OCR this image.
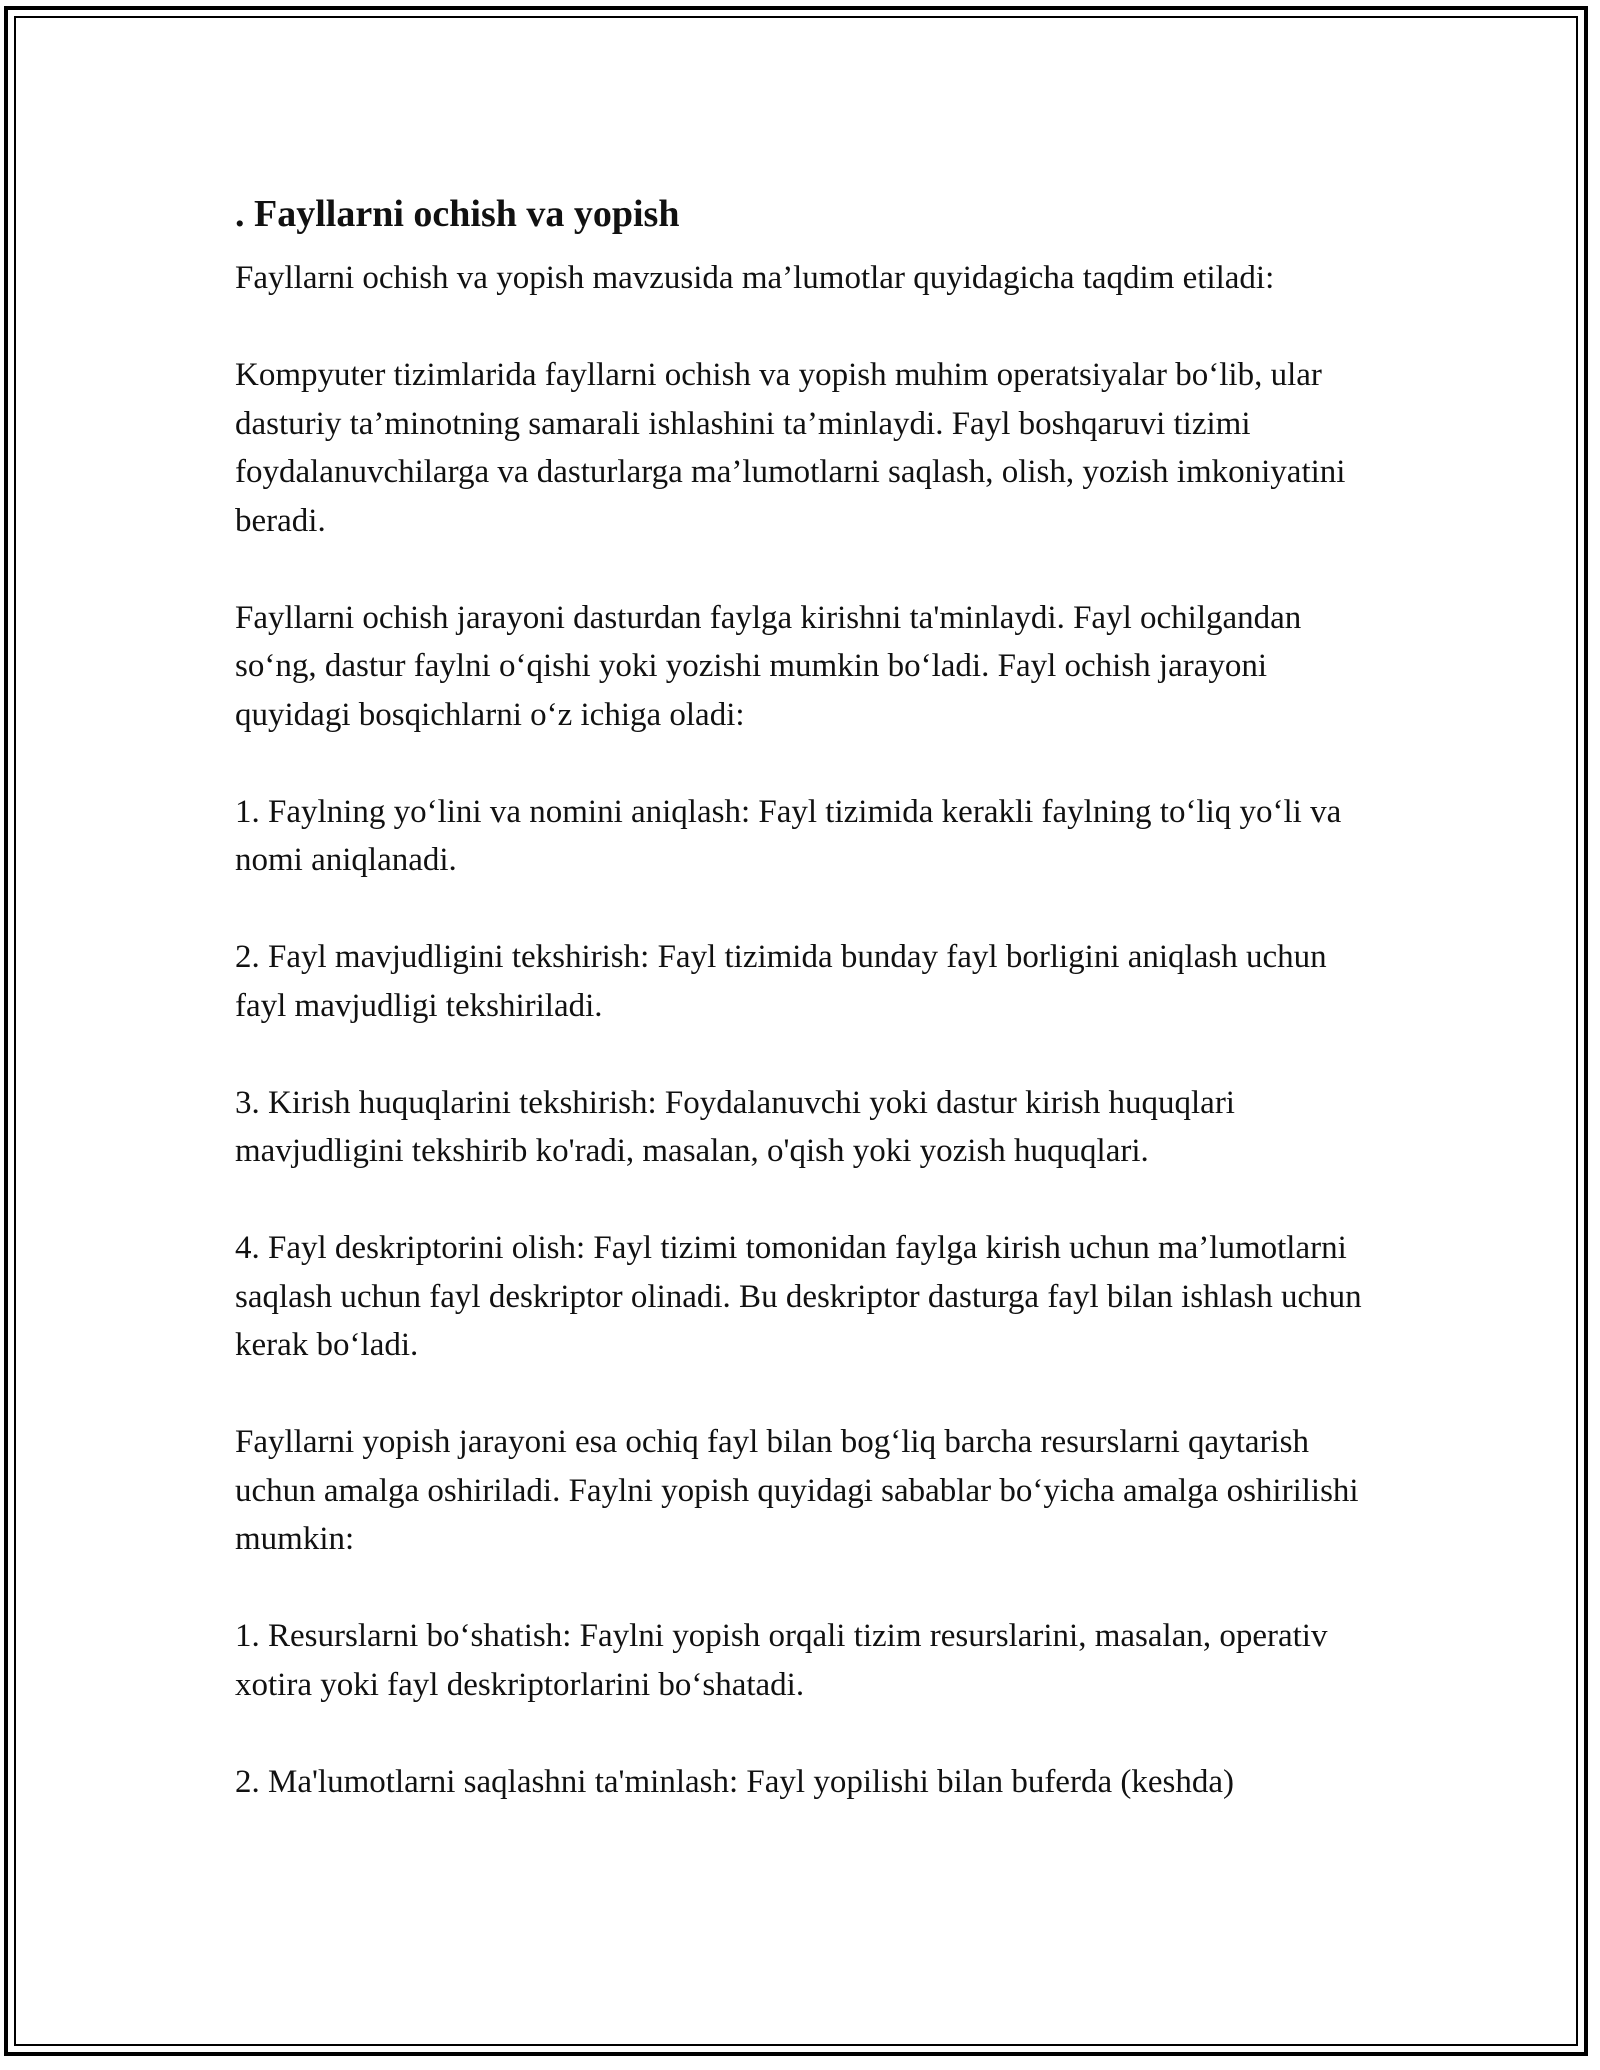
. Fayllarni ochish va yopish

Fayllarni ochish va yopish mavzusida ma’lumotlar quyidagicha taqdim etiladi:

Kompyuter tizimlarida fayllarni ochish va yopish muhim operatsiyalar bo‘lib, ular dasturiy ta’minotning samarali ishlashini ta’minlaydi. Fayl boshqaruvi tizimi foydalanuvchilarga va dasturlarga ma’lumotlarni saqlash, olish, yozish imkoniyatini beradi.

Fayllarni ochish jarayoni dasturdan faylga kirishni ta'minlaydi. Fayl ochilgandan so‘ng, dastur faylni o‘qishi yoki yozishi mumkin bo‘ladi. Fayl ochish jarayoni quyidagi bosqichlarni o‘z ichiga oladi:

1. Faylning yo‘lini va nomini aniqlash: Fayl tizimida kerakli faylning to‘liq yo‘li va nomi aniqlanadi.

2. Fayl mavjudligini tekshirish: Fayl tizimida bunday fayl borligini aniqlash uchun fayl mavjudligi tekshiriladi.

3. Kirish huquqlarini tekshirish: Foydalanuvchi yoki dastur kirish huquqlari mavjudligini tekshirib ko'radi, masalan, o'qish yoki yozish huquqlari.

4. Fayl deskriptorini olish: Fayl tizimi tomonidan faylga kirish uchun ma’lumotlarni saqlash uchun fayl deskriptor olinadi. Bu deskriptor dasturga fayl bilan ishlash uchun kerak bo‘ladi.

Fayllarni yopish jarayoni esa ochiq fayl bilan bog‘liq barcha resurslarni qaytarish uchun amalga oshiriladi. Faylni yopish quyidagi sabablar bo‘yicha amalga oshirilishi mumkin:

1. Resurslarni bo‘shatish: Faylni yopish orqali tizim resurslarini, masalan, operativ xotira yoki fayl deskriptorlarini bo‘shatadi.

2. Ma'lumotlarni saqlashni ta'minlash: Fayl yopilishi bilan buferda (keshda)
